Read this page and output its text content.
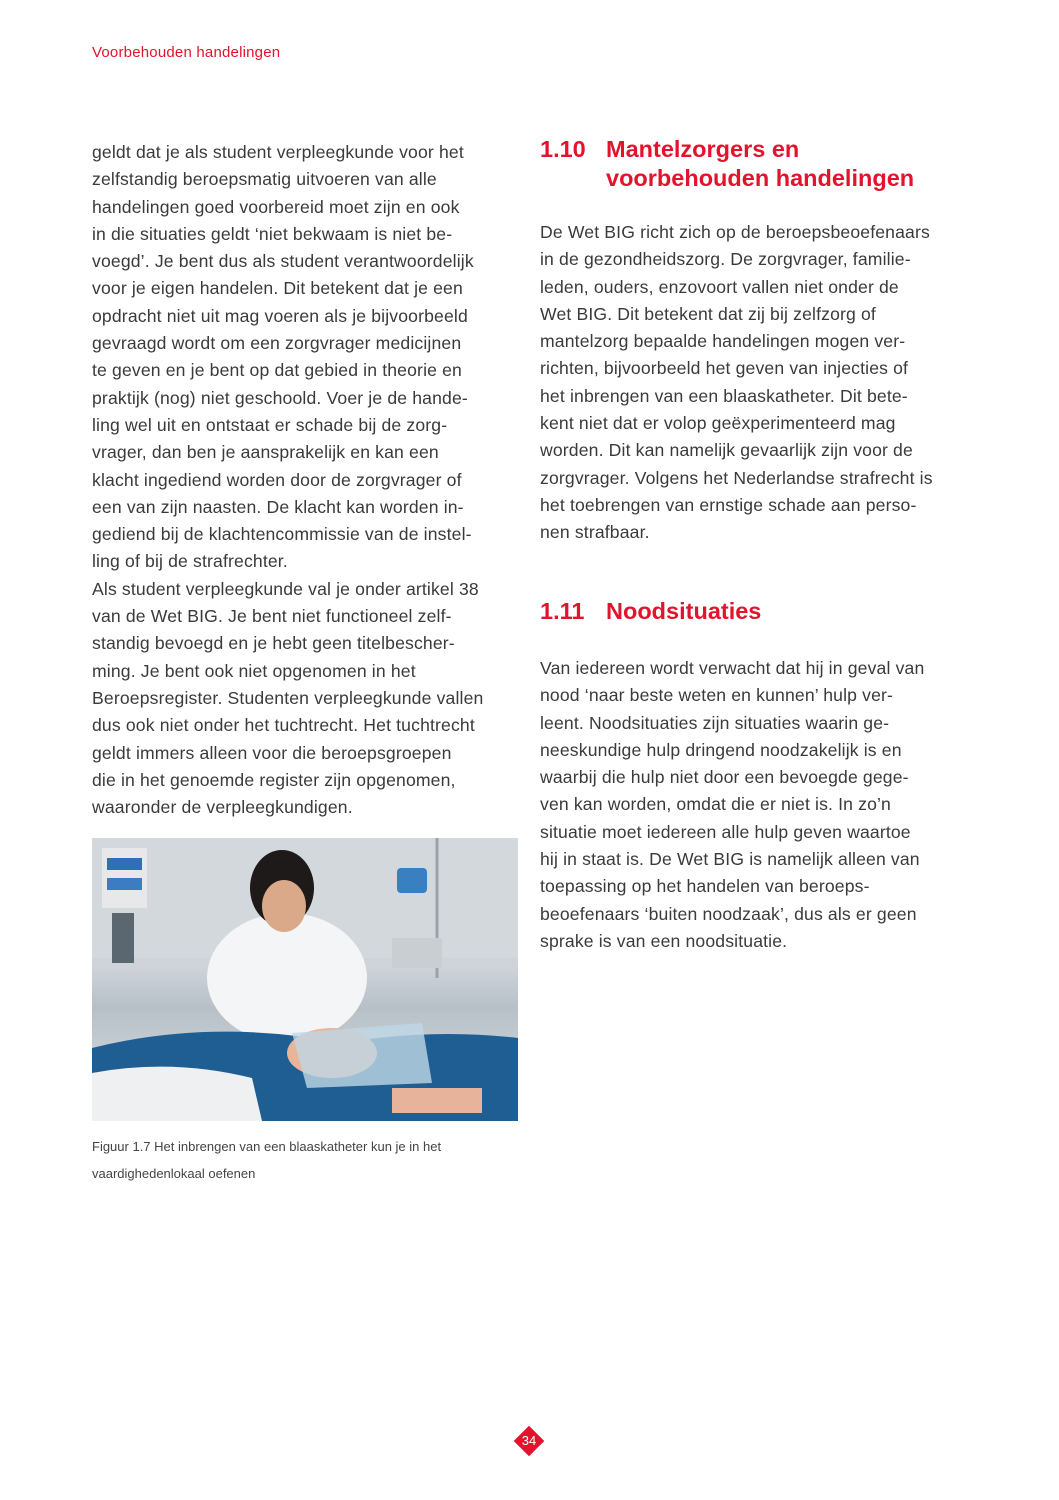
Voorbehouden handelingen
geldt dat je als student verpleegkunde voor het
zelfstandig beroepsmatig uitvoeren van alle
handelingen goed voorbereid moet zijn en ook
in die situaties geldt ‘niet bekwaam is niet be-
voegd’. Je bent dus als student verantwoordelijk
voor je eigen handelen. Dit betekent dat je een
opdracht niet uit mag voeren als je bijvoorbeeld
gevraagd wordt om een zorgvrager medicijnen
te geven en je bent op dat gebied in theorie en
praktijk (nog) niet geschoold. Voer je de hande-
ling wel uit en ontstaat er schade bij de zorg-
vrager, dan ben je aansprakelijk en kan een
klacht ingediend worden door de zorgvrager of
een van zijn naasten. De klacht kan worden in-
gediend bij de klachtencommissie van de instel-
ling of bij de strafrechter.
Als student verpleegkunde val je onder artikel 38
van de Wet BIG. Je bent niet functioneel zelf-
standig bevoegd en je hebt geen titelbescher-
ming. Je bent ook niet opgenomen in het
Beroepsregister. Studenten verpleegkunde vallen
dus ook niet onder het tuchtrecht. Het tuchtrecht
geldt immers alleen voor die beroepsgroepen
die in het genoemde register zijn opgenomen,
waaronder de verpleegkundigen.
Figuur 1.7 Het inbrengen van een blaaskatheter kun je in het
vaardighedenlokaal oefenen
1.10 Mantelzorgers en
voorbehouden handelingen
De Wet BIG richt zich op de beroepsbeoefenaars
in de gezondheidszorg. De zorgvrager, familie-
leden, ouders, enzovoort vallen niet onder de
Wet BIG. Dit betekent dat zij bij zelfzorg of
mantelzorg bepaalde handelingen mogen ver-
richten, bijvoorbeeld het geven van injecties of
het inbrengen van een blaaskatheter. Dit bete-
kent niet dat er volop geëxperimenteerd mag
worden. Dit kan namelijk gevaarlijk zijn voor de
zorgvrager. Volgens het Nederlandse strafrecht is
het toebrengen van ernstige schade aan perso-
nen strafbaar.
1.11 Noodsituaties
Van iedereen wordt verwacht dat hij in geval van
nood ‘naar beste weten en kunnen’ hulp ver-
leent. Noodsituaties zijn situaties waarin ge-
neeskundige hulp dringend noodzakelijk is en
waarbij die hulp niet door een bevoegde gege-
ven kan worden, omdat die er niet is. In zo’n
situatie moet iedereen alle hulp geven waartoe
hij in staat is. De Wet BIG is namelijk alleen van
toepassing op het handelen van beroeps-
beoefenaars ‘buiten noodzaak’, dus als er geen
sprake is van een noodsituatie.
34
